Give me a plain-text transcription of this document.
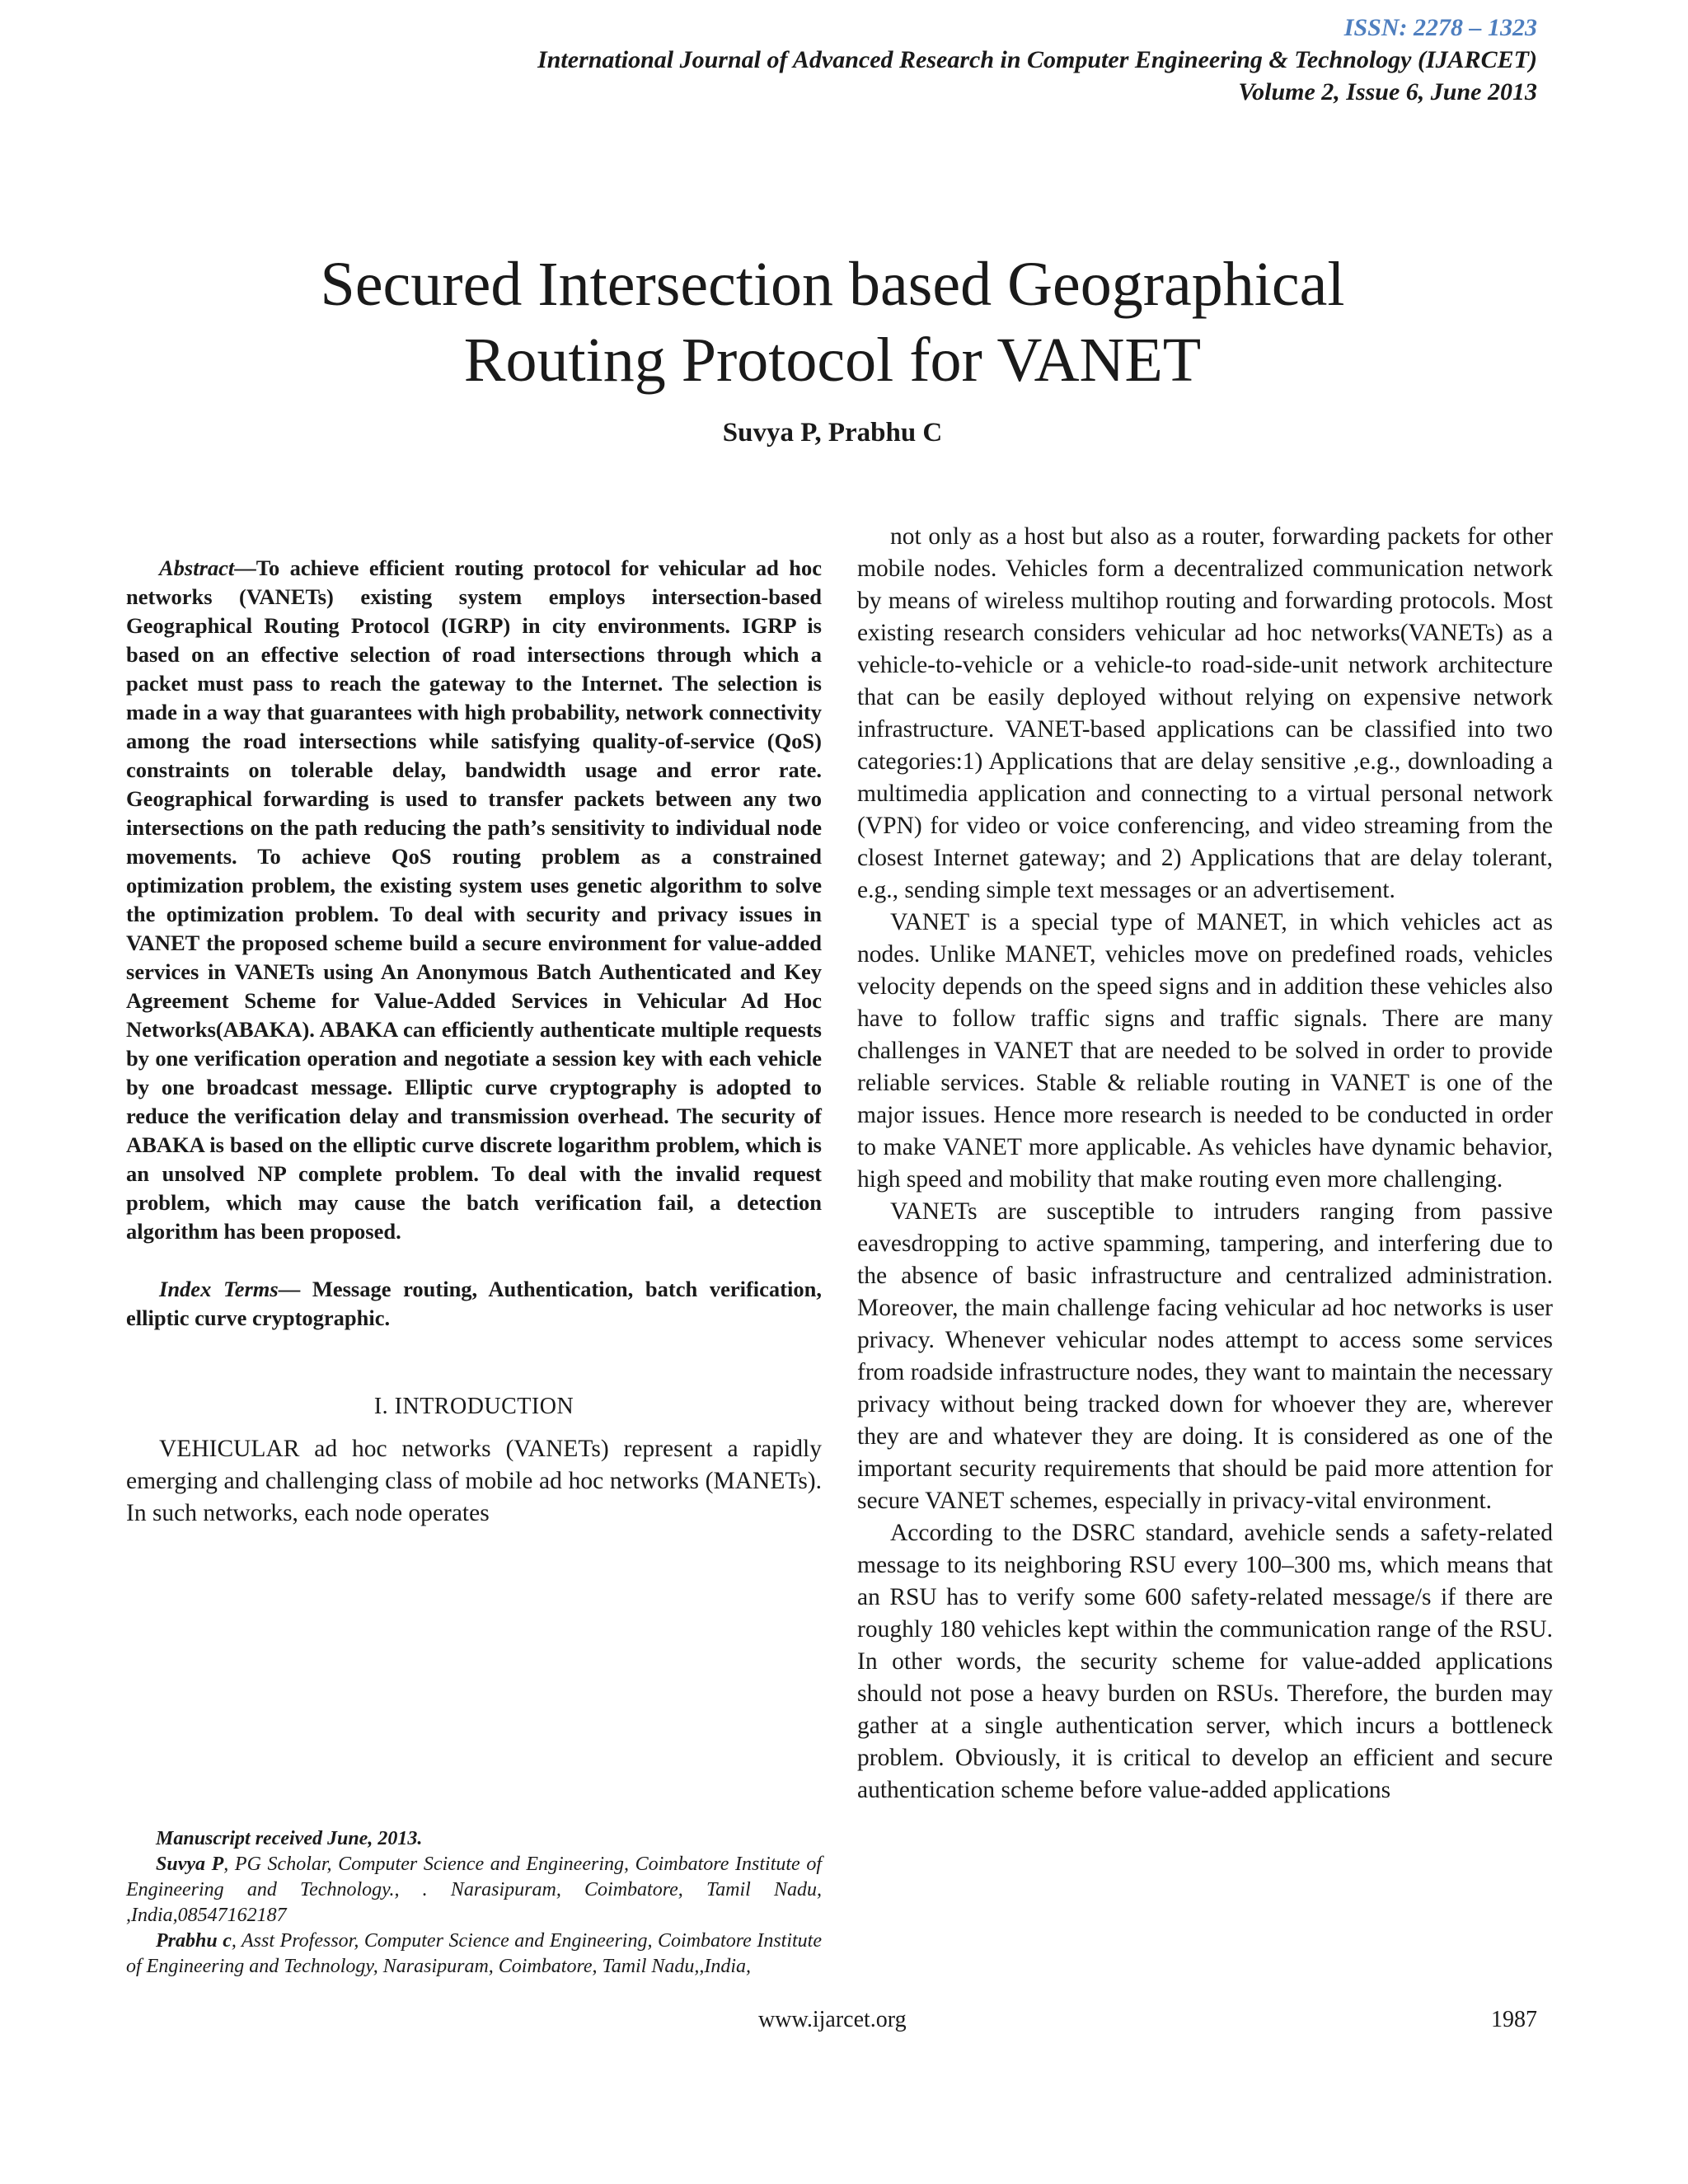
ISSN: 2278 – 1323
International Journal of Advanced Research in Computer Engineering & Technology (IJARCET)
Volume 2, Issue 6, June 2013
Secured Intersection based Geographical
Routing Protocol for VANET
Suvya P, Prabhu C

Abstract—To achieve efficient routing protocol for vehicular ad hoc networks (VANETs) existing system employs intersection-based Geographical Routing Protocol (IGRP) in city environments. IGRP is based on an effective selection of road intersections through which a packet must pass to reach the gateway to the Internet. The selection is made in a way that guarantees with high probability, network connectivity among the road intersections while satisfying quality-of-service (QoS) constraints on tolerable delay, bandwidth usage and error rate. Geographical forwarding is used to transfer packets between any two intersections on the path reducing the path’s sensitivity to individual node movements. To achieve QoS routing problem as a constrained optimization problem, the existing system uses genetic algorithm to solve the optimization problem. To deal with security and privacy issues in VANET the proposed scheme build a secure environment for value-added services in VANETs using An Anonymous Batch Authenticated and Key Agreement Scheme for Value-Added Services in Vehicular Ad Hoc Networks(ABAKA). ABAKA can efficiently authenticate multiple requests by one verification operation and negotiate a session key with each vehicle by one broadcast message. Elliptic curve cryptography is adopted to reduce the verification delay and transmission overhead. The security of ABAKA is based on the elliptic curve discrete logarithm problem, which is an unsolved NP complete problem. To deal with the invalid request problem, which may cause the batch verification fail, a detection algorithm has been proposed.

Index Terms— Message routing, Authentication, batch verification, elliptic curve cryptographic.

I. INTRODUCTION

VEHICULAR ad hoc networks (VANETs) represent a rapidly emerging and challenging class of mobile ad hoc networks (MANETs). In such networks, each node operates

not only as a host but also as a router, forwarding packets for other mobile nodes. Vehicles form a decentralized communication network by means of wireless multihop routing and forwarding protocols. Most existing research considers vehicular ad hoc networks(VANETs) as a vehicle-to-vehicle or a vehicle-to road-side-unit network architecture that can be easily deployed without relying on expensive network infrastructure. VANET-based applications can be classified into two categories:1) Applications that are delay sensitive ,e.g., downloading a multimedia application and connecting to a virtual personal network (VPN) for video or voice conferencing, and video streaming from the closest Internet gateway; and 2) Applications that are delay tolerant, e.g., sending simple text messages or an advertisement.

VANET is a special type of MANET, in which vehicles act as nodes. Unlike MANET, vehicles move on predefined roads, vehicles velocity depends on the speed signs and in addition these vehicles also have to follow traffic signs and traffic signals. There are many challenges in VANET that are needed to be solved in order to provide reliable services. Stable & reliable routing in VANET is one of the major issues. Hence more research is needed to be conducted in order to make VANET more applicable. As vehicles have dynamic behavior, high speed and mobility that make routing even more challenging.

VANETs are susceptible to intruders ranging from passive eavesdropping to active spamming, tampering, and interfering due to the absence of basic infrastructure and centralized administration. Moreover, the main challenge facing vehicular ad hoc networks is user privacy. Whenever vehicular nodes attempt to access some services from roadside infrastructure nodes, they want to maintain the necessary privacy without being tracked down for whoever they are, wherever they are and whatever they are doing. It is considered as one of the important security requirements that should be paid more attention for secure VANET schemes, especially in privacy-vital environment.

According to the DSRC standard, avehicle sends a safety-related message to its neighboring RSU every 100–300 ms, which means that an RSU has to verify some 600 safety-related message/s if there are roughly 180 vehicles kept within the communication range of the RSU. In other words, the security scheme for value-added applications should not pose a heavy burden on RSUs. Therefore, the burden may gather at a single authentication server, which incurs a bottleneck problem. Obviously, it is critical to develop an efficient and secure authentication scheme before value-added applications

Manuscript received June, 2013.

Suvya P, PG Scholar, Computer Science and Engineering, Coimbatore Institute of Engineering and Technology., . Narasipuram, Coimbatore, Tamil Nadu, ,India,08547162187

Prabhu c, Asst Professor, Computer Science and Engineering, Coimbatore Institute of Engineering and Technology, Narasipuram, Coimbatore, Tamil Nadu,,India,

www.ijarcet.org	1987
